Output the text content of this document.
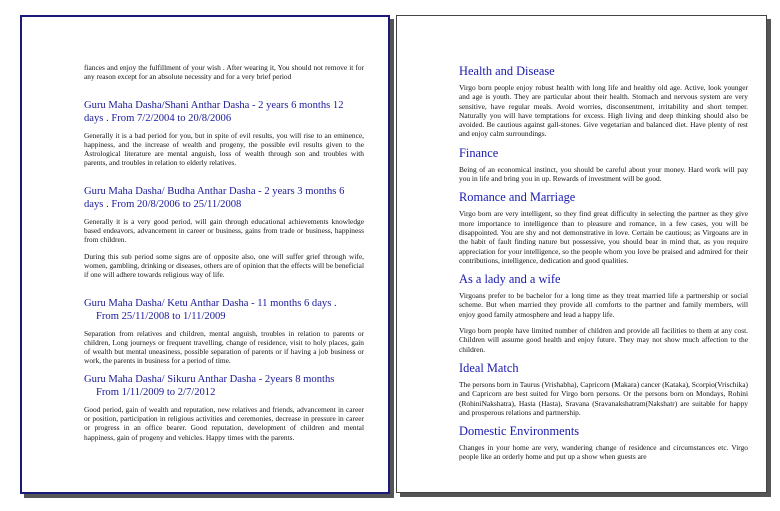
fiances and enjoy the fulfillment of your wish . After wearing it, You should not remove it for any reason except for an absolute necessity and for a very brief period

Guru Maha Dasha/Shani Anthar Dasha - 2 years 6 months 12
days . From 7/2/2004 to 20/8/2006

Generally it is a bad period for you, but in spite of evil results, you will rise to an eminence, happiness, and the increase of wealth and progeny, the possible evil results given to the Astrological literature are mental anguish, loss of wealth through son and troubles with parents, and troubles in relation to elderly relatives.

Guru Maha Dasha/ Budha Anthar Dasha - 2 years 3 months 6
days . From 20/8/2006 to 25/11/2008

Generally it is a very good period, will gain through educational achievements knowledge based endeavors, advancement in career or business, gains from trade or business, happiness from children.

During this sub period some signs are of opposite also, one will suffer grief through wife, women, gambling, drinking or diseases, others are of opinion that the effects will be beneficial if one will adhere towards religious way of life.

Guru Maha Dasha/ Ketu Anthar Dasha - 11 months 6 days .
From 25/11/2008 to 1/11/2009

Separation from relatives and children, mental anguish, troubles in relation to parents or children, Long journeys or frequent travelling, change of residence, visit to holy places, gain of wealth but mental uneasiness, possible separation of parents or if having a job business or work, the parents in business for a period of time.

Guru Maha Dasha/ Sikuru Anthar Dasha - 2years 8 months
From 1/11/2009 to 2/7/2012

Good period, gain of wealth and reputation, new relatives and friends, advancement in career or position, participation in religious activities and ceremonies, decrease in pressure in career or progress in an office bearer. Good reputation, development of children and mental happiness, gain of progeny and vehicles. Happy times with the parents.

Health and Disease

Virgo born people enjoy robust health with long life and healthy old age. Active, look younger and age is youth. They are particular about their health. Stomach and nervous system are very sensitive, have regular meals. Avoid worries, disconsentment, irritability and short temper. Naturally you will have temptations for excess. High living and deep thinking should also be avoided. Be cautious against gall-stones. Give vegetarian and balanced diet. Have plenty of rest and enjoy calm surroundings.

Finance

Being of an economical instinct, you should be careful about your money. Hard work will pay you in life and bring you in up. Rewards of investment will be good.

Romance and Marriage

Virgo born are very intelligent, so they find great difficulty in selecting the partner as they give more importance to intelligence than to pleasure and romance, in a few cases, you will be disappointed. You are shy and not demonstrative in love. Certain be cautious; as Virgoans are in the habit of fault finding nature but possessive, you should bear in mind that, as you require appreciation for your intelligence, so the people whom you love be praised and admired for their contributions, intelligence, dedication and good qualities.

As a lady and a wife

Virgoans prefer to be bachelor for a long time as they treat married life a partnership or social scheme. But when married they provide all comforts to the partner and family members, will enjoy good family atmosphere and lead a happy life.

Virgo born people have limited number of children and provide all facilities to them at any cost. Children will assume good health and enjoy future. They may not show much affection to the children.

Ideal Match

The persons born in Taurus (Vrishabha), Capricorn (Makara) cancer (Kataka), Scorpio(Vrischika) and Capricorn are best suited for Virgo born persons. Or the persons born on Mondays, Rohini (RohiniNakshatra), Hasta (Hasta), Sravana (Sravanakshatram(Nakshatr) are suitable for happy and prosperous relations and partnership.

Domestic Environments

Changes in your home are very, wandering change of residence and circumstances etc. Virgo people like an orderly home and put up a show when guests are
